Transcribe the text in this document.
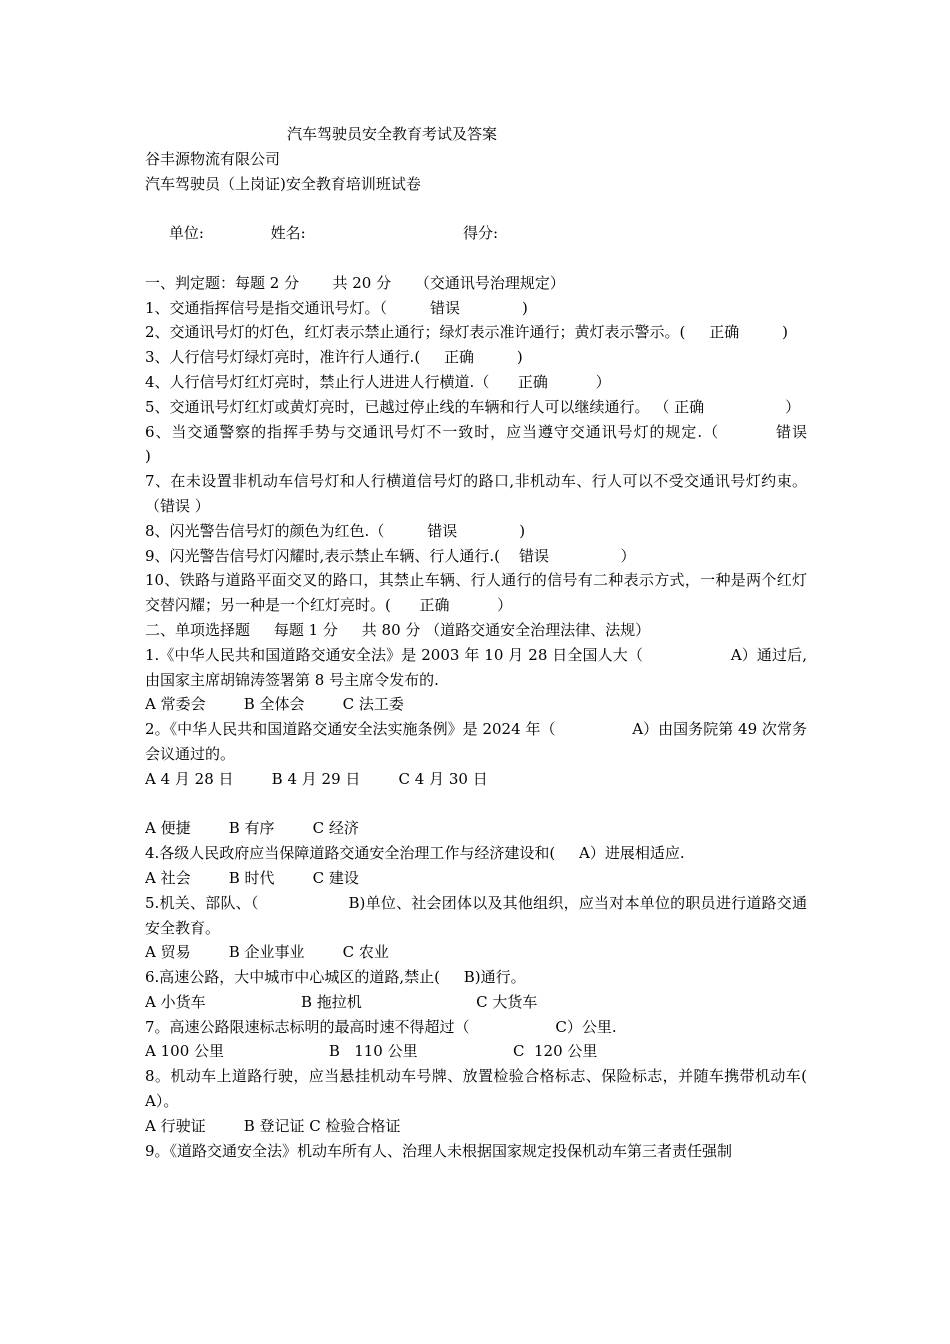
汽车驾驶员安全教育考试及答案
谷丰源物流有限公司
汽车驾驶员（上岗证)安全教育培训班试卷
单位:              姓名:                                 得分:
一、判定题：每题 2 分       共 20 分     （交通讯号治理规定）
1、交通指挥信号是指交通讯号灯。（         错误             )
2、交通讯号灯的灯色，红灯表示禁止通行；绿灯表示准许通行；黄灯表示警示。(     正确         )
3、人行信号灯绿灯亮时，准许行人通行.(     正确         )
4、人行信号灯红灯亮时，禁止行人进进人行横道.（      正确          ）
5、交通讯号灯红灯或黄灯亮时，已越过停止线的车辆和行人可以继续通行。 （ 正确                 ）
6、当交通警察的指挥手势与交通讯号灯不一致时，应当遵守交通讯号灯的规定.（          错误             )
7、在未设置非机动车信号灯和人行横道信号灯的路口,非机动车、行人可以不受交通讯号灯约束。（错误 ）
8、闪光警告信号灯的颜色为红色.（         错误             )
9、闪光警告信号灯闪耀时,表示禁止车辆、行人通行.(    错误               ）
10、铁路与道路平面交叉的路口，其禁止车辆、行人通行的信号有二种表示方式，一种是两个红灯交替闪耀；另一种是一个红灯亮时。(      正确          ）
二、单项选择题     每题 1 分     共 80 分 （道路交通安全治理法律、法规）
1.《中华人民共和国道路交通安全法》是 2003 年 10 月 28 日全国人大（                  A）通过后,由国家主席胡锦涛签署第 8 号主席令发布的.
A 常委会        B 全体会        C 法工委
2。《中华人民共和国道路交通安全法实施条例》是 2024 年（                A）由国务院第 49 次常务会议通过的。
A 4 月 28 日        B 4 月 29 日        C 4 月 30 日
A 便捷        B 有序        C 经济
4.各级人民政府应当保障道路交通安全治理工作与经济建设和(     A）进展相适应.
A 社会        B 时代        C 建设
5.机关、部队、（                  B)单位、社会团体以及其他组织，应当对本单位的职员进行道路交通安全教育。
A 贸易        B 企业事业        C 农业
6.高速公路，大中城市中心城区的道路,禁止(     B)通行。
A 小货车                    B 拖拉机                        C 大货车
7。高速公路限速标志标明的最高时速不得超过（                  C）公里.
A 100 公里                      B   110 公里                    C  120 公里
8。机动车上道路行驶，应当悬挂机动车号牌、放置检验合格标志、保险标志，并随车携带机动车(     A）。
A 行驶证        B 登记证 C 检验合格证
9。《道路交通安全法》机动车所有人、治理人未根据国家规定投保机动车第三者责任强制
